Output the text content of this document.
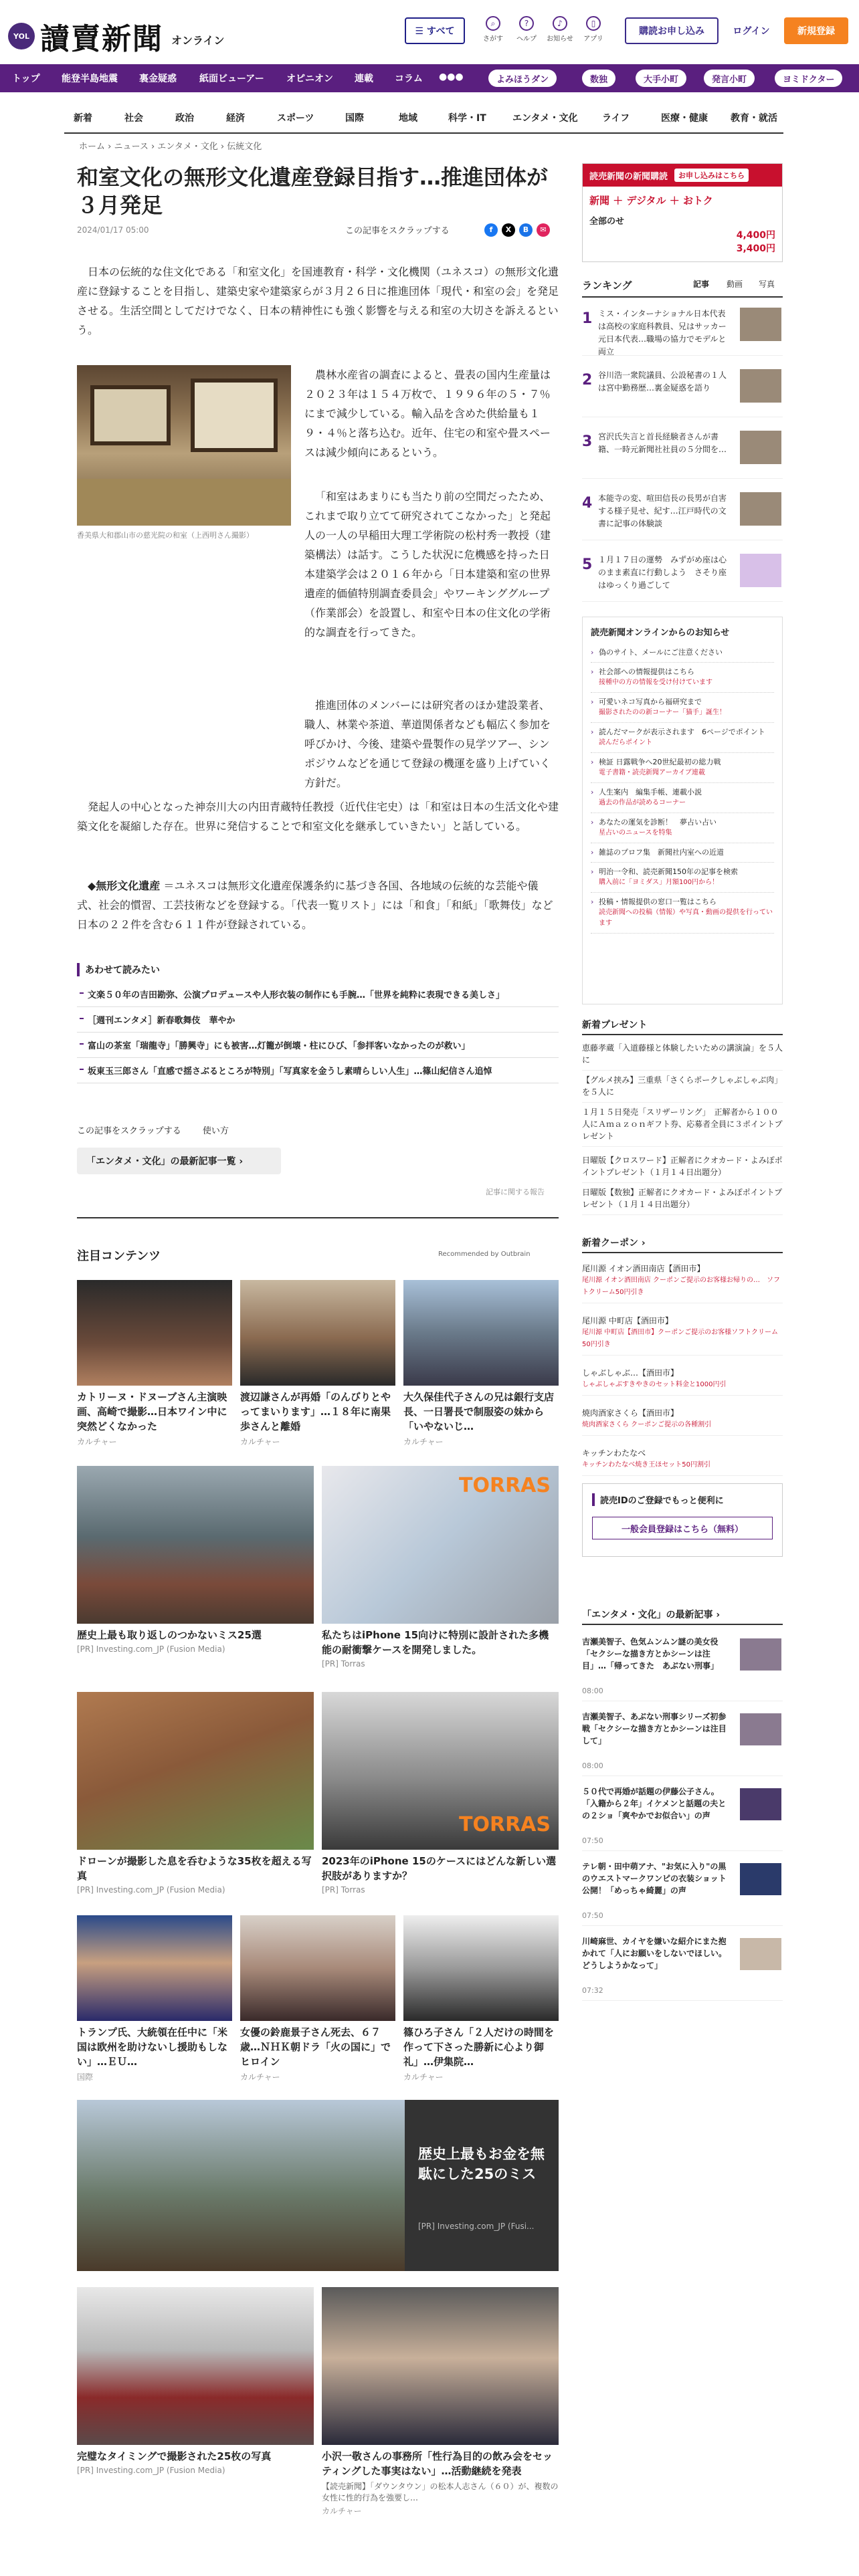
YOL 讀賣新聞 オンライン
☰ すべて
⌕
さがす
?
ヘルプ
♪
お知らせ
▯
アプリ
購読お申し込み	ログイン	新規登録
トップ 能登半島地震 裏金疑惑 紙面ビューアー オピニオン 連載 コラム ●●●	よみほうダン	数独	大手小町	発言小町	ヨミドクター
新着	社会	政治	経済	スポーツ	国際	地域	科学・IT	エンタメ・文化	ライフ	医療・健康 教育・就活
ホーム › ニュース › エンタメ・文化 › 伝統文化
和室文化の無形文化遺産登録目指す…推進団体が３月発足
2024/01/17 05:00	この記事をスクラップする	f	X	B	✉
日本の伝統的な住文化である「和室文化」を国連教育・科学・文化機関（ユネスコ）の無形文化遺産に登録することを目指し、建築史家や建築家らが３月２６日に推進団体「現代・和室の会」を発足させる。生活空間としてだけでなく、日本の精神性にも強く影響を与える和室の大切さを訴えるという。
香美県大和郡山市の慈光院の和室（上西明さん撮影）
農林水産省の調査によると、畳表の国内生産量は２０２３年は１５４万枚で、１９９６年の５・７％にまで減少している。輸入品を含めた供給量も１９・４％と落ち込む。近年、住宅の和室や畳スペースは減少傾向にあるという。
「和室はあまりにも当たり前の空間だったため、これまで取り立てて研究されてこなかった」と発起人の一人の早稲田大理工学術院の松村秀一教授（建築構法）は話す。こうした状況に危機感を持った日本建築学会は２０１６年から「日本建築和室の世界遺産的価値特別調査委員会」やワーキンググループ（作業部会）を設置し、和室や日本の住文化の学術的な調査を行ってきた。
推進団体のメンバーには研究者のほか建設業者、職人、林業や茶道、華道関係者なども幅広く参加を呼びかけ、今後、建築や畳製作の見学ツアー、シンポジウムなどを通じて登録の機運を盛り上げていく方針だ。
発起人の中心となった神奈川大の内田青蔵特任教授（近代住宅史）は「和室は日本の生活文化や建築文化を凝縮した存在。世界に発信することで和室文化を継承していきたい」と話している。
◆無形文化遺産 ＝ユネスコは無形文化遺産保護条約に基づき各国、各地域の伝統的な芸能や儀式、社会的慣習、工芸技術などを登録する。「代表一覧リスト」には「和食」「和紙」「歌舞伎」など日本の２２件を含む６１１件が登録されている。
あわせて読みたい
文楽５０年の吉田勘弥、公演プロデュースや人形衣装の制作にも手腕…「世界を純粋に表現できる美しさ」
［週刊エンタメ］新春歌舞伎　華やか
富山の茶室「瑞龍寺」「勝興寺」にも被害…灯籠が倒壊・柱にひび、「参拝客いなかったのが救い」
坂東玉三郎さん「直感で揺さぶるところが特別」「写真家を金うし素晴らしい人生」…篠山紀信さん追悼
この記事をスクラップする 使い方
「エンタメ・文化」の最新記事一覧 ›
記事に関する報告
注目コンテンツ	Recommended by Outbrain
カトリーヌ・ドヌーブさん主演映画、高崎で撮影…日本ワイン中に突然どくなかった
カルチャー
渡辺謙さんが再婚「のんびりとやってまいります」…１８年に南果歩さんと離婚
カルチャー
大久保佳代子さんの兄は銀行支店長、一日署長で制服姿の妹から「いやないじ…
カルチャー
歴史上最も取り返しのつかないミス25選
[PR] Investing.com_JP (Fusion Media)
TORRAS
私たちはiPhone 15向けに特別に設計された多機能の耐衝撃ケースを開発しました。
[PR] Torras
ドローンが撮影した息を呑むような35枚を超える写真
[PR] Investing.com_JP (Fusion Media)
TORRAS
2023年のiPhone 15のケースにはどんな新しい選択肢がありますか？
[PR] Torras
トランプ氏、大統領在任中に「米国は欧州を助けないし援助もしない」…ＥＵ…
国際
女優の鈴鹿景子さん死去、６７歳…ＮＨＫ朝ドラ「火の国に」でヒロイン
カルチャー
篠ひろ子さん「２人だけの時間を作って下さった勝新に心より御礼」…伊集院…
カルチャー
歴史上最もお金を無駄にした25のミス
[PR] Investing.com_JP (Fusi...
完璧なタイミングで撮影された25枚の写真
[PR] Investing.com_JP (Fusion Media)
小沢一敬さんの事務所「性行為目的の飲み会をセッティングした事実はない」…活動継続を発表
【読売新聞】「ダウンタウン」の松本人志さん（６０）が、複数の女性に性的行為を強要し…
カルチャー
読売新聞の新聞購読	お申し込みはこちら
新聞 ＋ デジタル ＋ おトク
全部のせ
4,400円
3,400円
ランキング	記事 動画 写真
1 ミス・インターナショナル日本代表は高校の家庭科教員、兄はサッカー元日本代表…職場の協力でモデルと両立
2 谷川浩一衆院議員、公設秘書の１人は宮中勤務歴…裏金疑惑を語り
3 宮沢氏失言と首長経験者さんが書籍、一時元新聞社社員の５分間を…
4 本能寺の変、喧田信長の長男が自害する様子見せ、紀す…江戸時代の文書に記事の体験談
5 １月１７日の運勢　みずがめ座は心のまま素直に行動しよう　さそり座はゆっくり過ごして
読売新聞オンラインからのお知らせ
› 偽のサイト、メールにご注意ください
› 社会部への情報提供はこちら
接種中の方の情報を受け付けています
› 可愛いネコ写真から福研究まで
撮影されたのの新コーナー「猫手」誕生！
› 読んだマークが表示されます　6ページでポイント
読んだらポイント
› 検証 日露戦争へ20世紀最初の総力戦
電子書籍・読売新聞アーカイブ連載
› 人生案内　編集手帳、連載小説
過去の作品が読めるコーナー
› あなたの運気を診断！　夢占い占い
星占いのニュースを特集
› 雑誌のプロフ集　新聞社内室への近道
› 明治一令和、読売新聞150年の記事を検索
購入前に「ヨミダス」月額100円から！
› 投稿・情報提供の窓口一覧はこちら
読売新聞への投稿（情報）や写真・動画の提供を行っています
新着プレゼント
恵藤孝蔵「入道藤様と体験したいための講演論」を５人に
【グルメ挟み】三重県「さくらポークしゃぶしゃぶ肉」を５人に
１月１５日発売「スリザーリング」　正解者から１００人にＡｍａｚｏｎギフト券、応募者全員に３ポイントプレゼント
日曜版【クロスワード】正解者にクオカード・よみぽポイントプレゼント（１月１４日出題分）
日曜版【数独】正解者にクオカード・よみぽポイントプレゼント（１月１４日出題分）
新着クーポン ›
尾川源 イオン酒田南店【酒田市】
尾川源 イオン酒田南店 クーポンご提示のお客様お帰りの…　ソフトクリーム50円引き
尾川源 中町店【酒田市】
尾川源 中町店【酒田市】クーポンご提示のお客様ソフトクリーム50円引き
しゃぶしゃぶ…【酒田市】
しゃぶしゃぶすきやきのセット料金と1000円引
焼肉酒家さくら【酒田市】
焼肉酒家さくら クーポンご提示の各種割引
キッチンわたなべ
キッチンわたなべ焼き王ほセット50円割引
読売IDのご登録でもっと便利に
一般会員登録はこちら（無料）
「エンタメ・文化」の最新記事 ›
吉瀬美智子、色気ムンムン謎の美女役「セクシーな描き方とかシーンは注目」…「帰ってきた　あぶない刑事」
08:00
吉瀬美智子、あぶない刑事シリーズ初参戦「セクシーな描き方とかシーンは注目して」
08:00
５０代で再婚が話題の伊藤公子さん。「入籍から２年」イケメンと話題の夫との２ショ「爽やかでお似合い」の声
07:50
テレ朝・田中萌アナ、"お気に入り"の黒のウエストマークワンピの衣装ショット公開！「めっちゃ綺麗」の声
07:50
川崎麻世、カイヤを嫌いな紹介にまた抱かれて「人にお願いをしないでほしい。どうしようかなって」
07:32
